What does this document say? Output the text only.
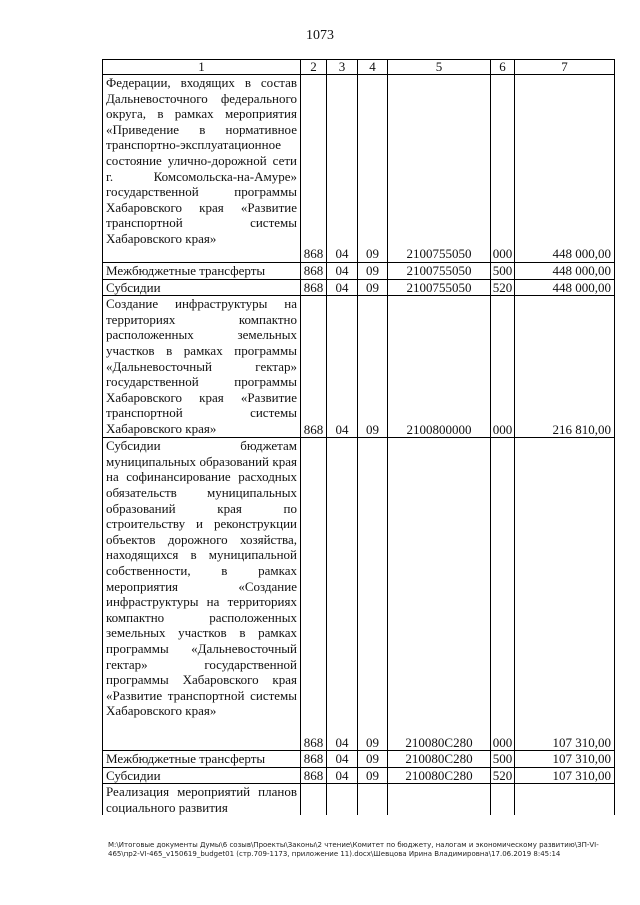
1073
1	2	3	4	5	6	7

Федерации, входящих в состав Дальневосточного федерального округа, в рамках мероприятия «Приведение в нормативное транспортно-эксплуатационное состояние улично-дорожной сети г. Комсомольска-на-Амуре» государственной программы Хабаровского края «Развитие транспортной системы Хабаровского края»	868	04	09	2100755050	000	448 000,00
Межбюджетные трансферты	868	04	09	2100755050	500	448 000,00
Субсидии	868	04	09	2100755050	520	448 000,00

Создание инфраструктуры на территориях компактно расположенных земельных участков в рамках программы «Дальневосточный гектар» государственной программы Хабаровского края «Развитие транспортной системы Хабаровского края»	868	04	09	2100800000	000	216 810,00

Субсидии бюджетам муниципальных образований края на софинансирование расходных обязательств муниципальных образований края по строительству и реконструкции объектов дорожного хозяйства, находящихся в муниципальной собственности, в рамках мероприятия «Создание инфраструктуры на территориях компактно расположенных земельных участков в рамках программы «Дальневосточный гектар» государственной программы Хабаровского края «Развитие транспортной системы Хабаровского края»	868	04	09	210080С280	000	107 310,00
Межбюджетные трансферты	868	04	09	210080С280	500	107 310,00
Субсидии	868	04	09	210080С280	520	107 310,00

Реализация мероприятий планов социального развития						

M:\Итоговые документы Думы\6 созыв\Проекты\Законы\2 чтение\Комитет по бюджету, налогам и экономическому развитию\ЗП-VI-465\пр2-VI-465_v150619_budget01 (стр.709-1173, приложение 11).docx\Шевцова Ирина Владимировна\17.06.2019 8:45:14
